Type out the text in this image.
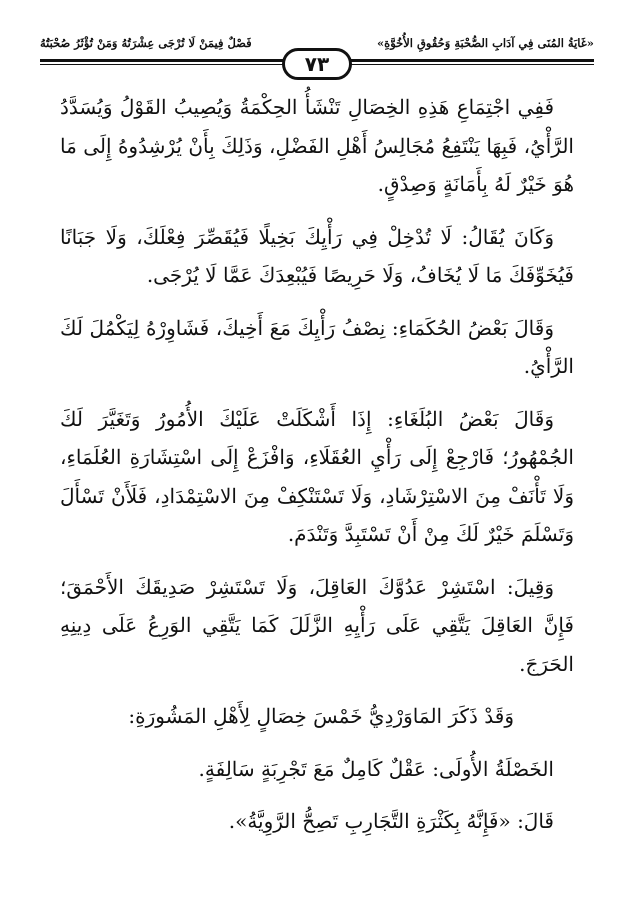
«غَايَةُ المُنَى فِي آدَابِ الصُّحْبَةِ وَحُقُوقِ الأُخُوَّةِ»
فَصْلٌ فِيمَنْ لَا تُرْجَى عِشْرَتُهُ وَمَنْ تُؤْثَرُ صُحْبَتُهُ
٧٣

فَفِي اجْتِمَاعِ هَذِهِ الخِصَالِ تَنْشَأُ الحِكْمَةُ وَيُصِيبُ القَوْلُ وَيُسَدَّدُ الرَّأْيُ، فَبِهَا يَنْتَفِعُ مُجَالِسُ أَهْلِ الفَضْلِ، وَذَلِكَ بِأَنْ يُرْشِدُوهُ إِلَى مَا هُوَ خَيْرٌ لَهُ بِأَمَانَةٍ وَصِدْقٍ.

وَكَانَ يُقَالُ: لَا تُدْخِلْ فِي رَأْيِكَ بَخِيلًا فَيُقَصِّرَ فِعْلَكَ، وَلَا جَبَانًا فَيُخَوِّفَكَ مَا لَا يُخَافُ، وَلَا حَرِيصًا فَيُبْعِدَكَ عَمَّا لَا يُرْجَى.

وَقَالَ بَعْضُ الحُكَمَاءِ: نِصْفُ رَأْيِكَ مَعَ أَخِيكَ، فَشَاوِرْهُ لِيَكْمُلَ لَكَ الرَّأْيُ.

وَقَالَ بَعْضُ البُلَغَاءِ: إِذَا أَشْكَلَتْ عَلَيْكَ الأُمُورُ وَتَغَيَّرَ لَكَ الجُمْهُورُ؛ فَارْجِعْ إِلَى رَأْيِ العُقَلَاءِ، وَافْزَعْ إِلَى اسْتِشَارَةِ العُلَمَاءِ، وَلَا تَأْنَفْ مِنَ الاسْتِرْشَادِ، وَلَا تَسْتَنْكِفْ مِنَ الاسْتِمْدَادِ، فَلَأَنْ تَسْأَلَ وَتَسْلَمَ خَيْرٌ لَكَ مِنْ أَنْ تَسْتَبِدَّ وَتَنْدَمَ.

وَقِيلَ: اسْتَشِرْ عَدُوَّكَ العَاقِلَ، وَلَا تَسْتَشِرْ صَدِيقَكَ الأَحْمَقَ؛ فَإِنَّ العَاقِلَ يَتَّقِي عَلَى رَأْيِهِ الزَّلَلَ كَمَا يَتَّقِي الوَرِعُ عَلَى دِينِهِ الحَرَجَ.

وَقَدْ ذَكَرَ المَاوَرْدِيُّ خَمْسَ خِصَالٍ لِأَهْلِ المَشُورَةِ:

الخَصْلَةُ الأُولَى: عَقْلٌ كَامِلٌ مَعَ تَجْرِبَةٍ سَالِفَةٍ.

قَالَ: «فَإِنَّهُ بِكَثْرَةِ التَّجَارِبِ تَصِحُّ الرَّوِيَّةُ».
